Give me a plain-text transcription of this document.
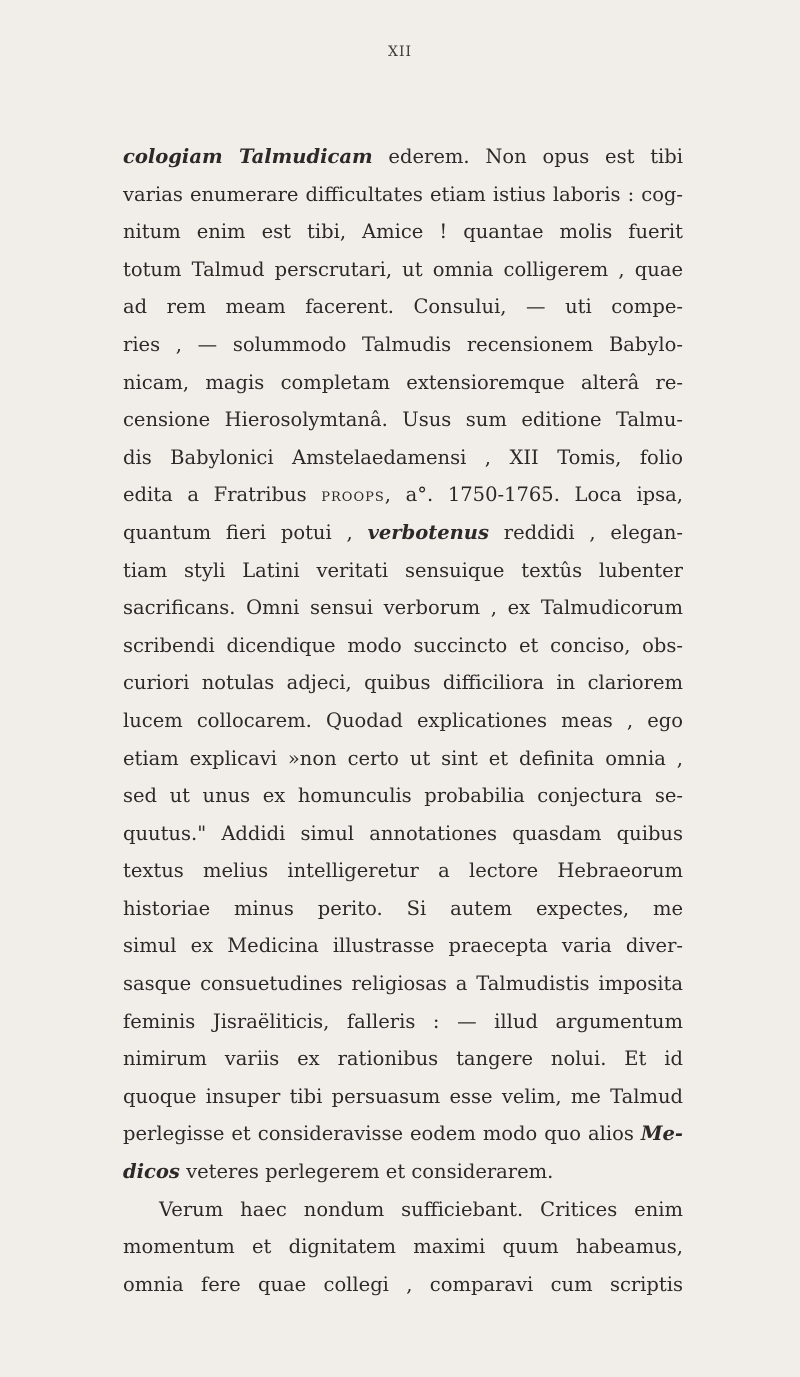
XII
cologiam Talmudicam ederem. Non opus est tibi
varias enumerare difficultates etiam istius laboris : cog-
nitum enim est tibi, Amice ! quantae molis fuerit
totum Talmud perscrutari, ut omnia colligerem , quae
ad rem meam facerent. Consului, — uti compe-
ries , — solummodo Talmudis recensionem Babylo-
nicam, magis completam extensioremque alterâ re-
censione Hierosolymtanâ. Usus sum editione Talmu-
dis Babylonici Amstelaedamensi , XII Tomis, folio
edita a Fratribus PROOPS, a°. 1750-1765. Loca ipsa,
quantum fieri potui , verbotenus reddidi , elegan-
tiam styli Latini veritati sensuique textûs lubenter
sacrificans. Omni sensui verborum , ex Talmudicorum
scribendi dicendique modo succincto et conciso, obs-
curiori notulas adjeci, quibus difficiliora in clariorem
lucem collocarem. Quodad explicationes meas , ego
etiam explicavi »non certo ut sint et definita omnia ,
sed ut unus ex homunculis probabilia conjectura se-
quutus." Addidi simul annotationes quasdam quibus
textus melius intelligeretur a lectore Hebraeorum
historiae minus perito. Si autem expectes, me
simul ex Medicina illustrasse praecepta varia diver-
sasque consuetudines religiosas a Talmudistis imposita
feminis Jisraëliticis, falleris : — illud argumentum
nimirum variis ex rationibus tangere nolui. Et id
quoque insuper tibi persuasum esse velim, me Talmud
perlegisse et consideravisse eodem modo quo alios Me-
dicos veteres perlegerem et considerarem.
Verum haec nondum sufficiebant. Critices enim
momentum et dignitatem maximi quum habeamus,
omnia fere quae collegi , comparavi cum scriptis
